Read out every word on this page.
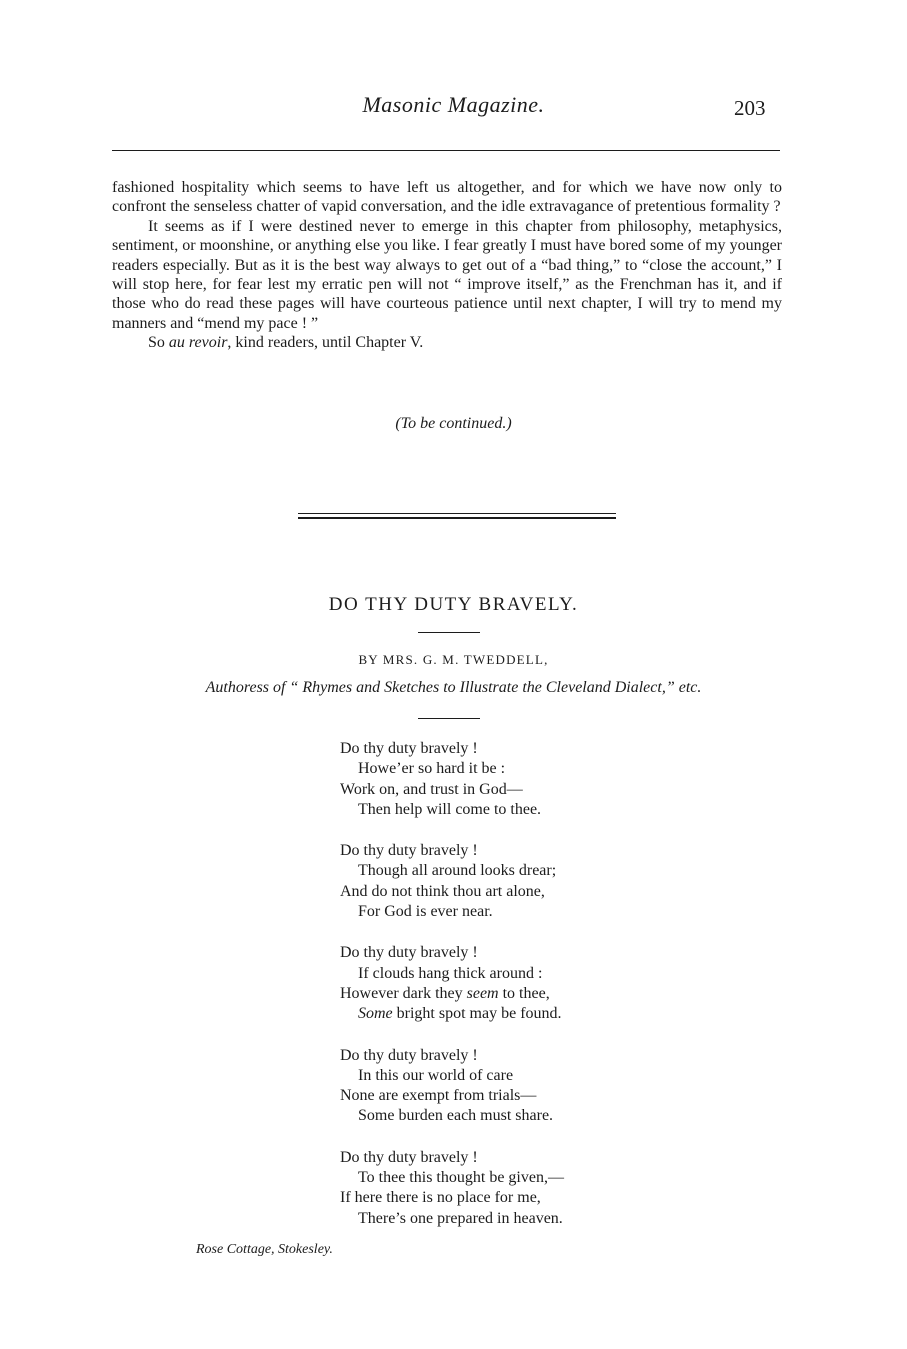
Masonic Magazine.	203

fashioned hospitality which seems to have left us altogether, and for which we have now only to confront the senseless chatter of vapid conversation, and the idle extravagance of pretentious formality ?

It seems as if I were destined never to emerge in this chapter from philosophy, metaphysics, sentiment, or moonshine, or anything else you like. I fear greatly I must have bored some of my younger readers especially. But as it is the best way always to get out of a “bad thing,” to “close the account,” I will stop here, for fear lest my erratic pen will not “ improve itself,” as the Frenchman has it, and if those who do read these pages will have courteous patience until next chapter, I will try to mend my manners and “mend my pace ! ”

So au revoir, kind readers, until Chapter V.

(To be continued.)
DO THY DUTY BRAVELY.
BY MRS. G. M. TWEDDELL,
Authoress of “ Rhymes and Sketches to Illustrate the Cleveland Dialect,” etc.
Do thy duty bravely !
Howe’er so hard it be :
Work on, and trust in God—
Then help will come to thee.
Do thy duty bravely !
Though all around looks drear;
And do not think thou art alone,
For God is ever near.
Do thy duty bravely !
If clouds hang thick around :
However dark they seem to thee,
Some bright spot may be found.
Do thy duty bravely !
In this our world of care
None are exempt from trials—
Some burden each must share.
Do thy duty bravely !
To thee this thought be given,—
If here there is no place for me,
There’s one prepared in heaven.
Rose Cottage, Stokesley.
